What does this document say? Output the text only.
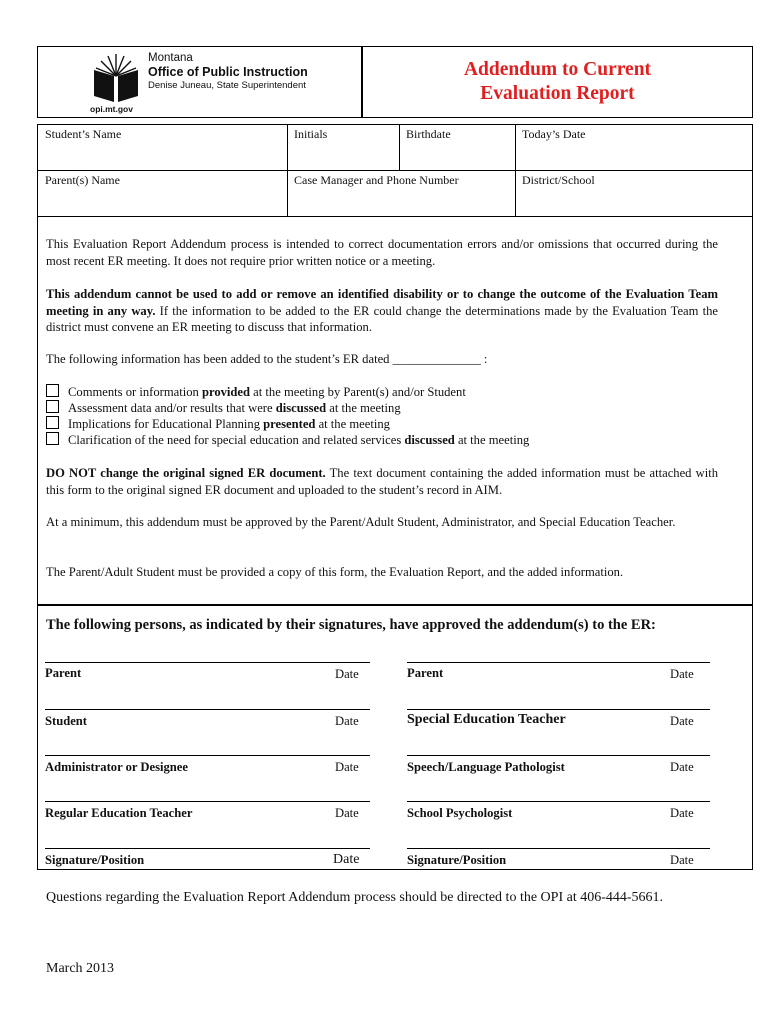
Montana
Office of Public Instruction
Denise Juneau, State Superintendent
opi.mt.gov
Addendum to Current
Evaluation Report
Student’s Name	Initials	Birthdate	Today’s Date
Parent(s) Name	Case Manager and Phone Number	District/School
This Evaluation Report Addendum process is intended to correct documentation errors and/or omissions that occurred during the most recent ER meeting. It does not require prior written notice or a meeting.
This addendum cannot be used to add or remove an identified disability or to change the outcome of the Evaluation Team meeting in any way. If the information to be added to the ER could change the determinations made by the Evaluation Team the district must convene an ER meeting to discuss that information.
The following information has been added to the student’s ER dated ______________ :
Comments or information provided at the meeting by Parent(s) and/or Student
Assessment data and/or results that were discussed at the meeting
Implications for Educational Planning presented at the meeting
Clarification of the need for special education and related services discussed at the meeting
DO NOT change the original signed ER document. The text document containing the added information must be attached with this form to the original signed ER document and uploaded to the student’s record in AIM.
At a minimum, this addendum must be approved by the Parent/Adult Student, Administrator, and Special Education Teacher.
The Parent/Adult Student must be provided a copy of this form, the Evaluation Report, and the added information.
The following persons, as indicated by their signatures, have approved the addendum(s) to the ER:
Parent	Date
Student	Date
Administrator or Designee	Date
Regular Education Teacher	Date
Signature/Position	Date
Parent	Date
Special Education Teacher	Date
Speech/Language Pathologist	Date
School Psychologist	Date
Signature/Position	Date
Questions regarding the Evaluation Report Addendum process should be directed to the OPI at 406-444-5661.
March 2013
